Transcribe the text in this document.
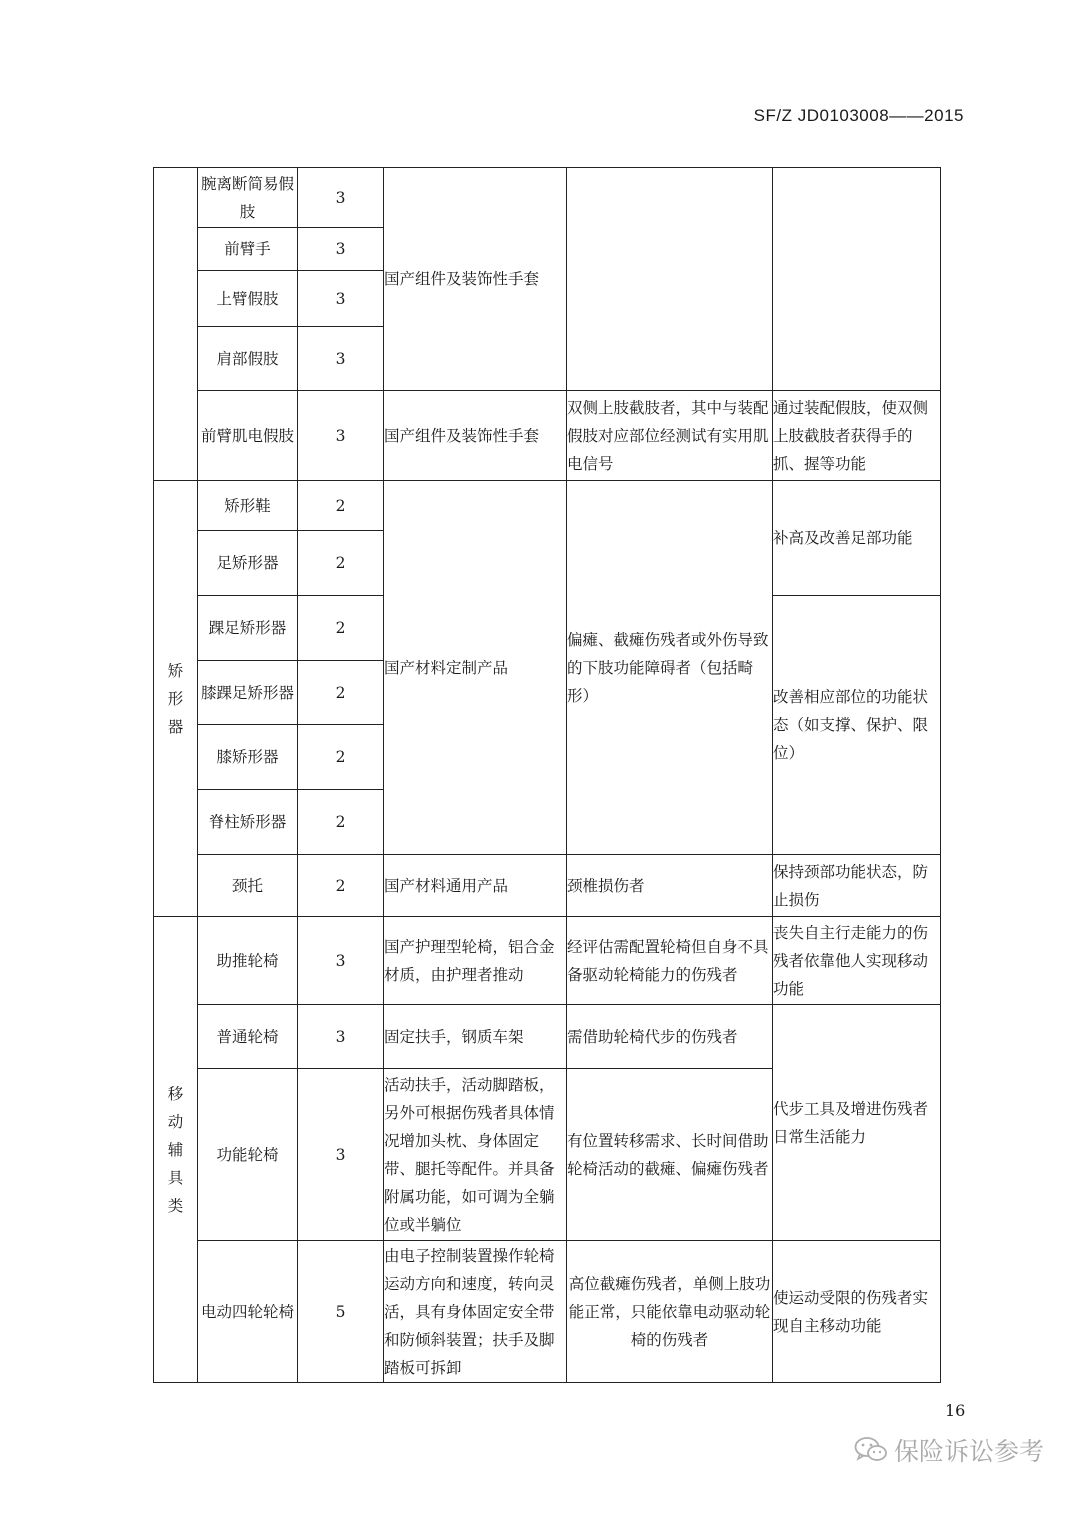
SF/Z JD0103008——2015
	腕离断简易假肢	3	国产组件及装饰性手套		
	前臂手	3			
	上臂假肢	3			
	肩部假肢	3			
	前臂肌电假肢	3	国产组件及装饰性手套	双侧上肢截肢者，其中与装配假肢对应部位经测试有实用肌电信号	通过装配假肢，使双侧上肢截肢者获得手的抓、握等功能
矫形器	矫形鞋	2	国产材料定制产品	偏瘫、截瘫伤残者或外伤导致的下肢功能障碍者（包括畸形）	补高及改善足部功能
	足矫形器	2			
	踝足矫形器	2			改善相应部位的功能状态（如支撑、保护、限位）
	膝踝足矫形器	2			
	膝矫形器	2			
	脊柱矫形器	2			
	颈托	2	国产材料通用产品	颈椎损伤者	保持颈部功能状态，防止损伤
移动辅具类	助推轮椅	3	国产护理型轮椅，铝合金材质，由护理者推动	经评估需配置轮椅但自身不具备驱动轮椅能力的伤残者	丧失自主行走能力的伤残者依靠他人实现移动功能
	普通轮椅	3	固定扶手，钢质车架	需借助轮椅代步的伤残者	代步工具及增进伤残者日常生活能力
	功能轮椅	3	活动扶手，活动脚踏板，另外可根据伤残者具体情况增加头枕、身体固定带、腿托等配件。并具备附属功能，如可调为全躺位或半躺位	有位置转移需求、长时间借助轮椅活动的截瘫、偏瘫伤残者	
	电动四轮轮椅	5	由电子控制装置操作轮椅运动方向和速度，转向灵活，具有身体固定安全带和防倾斜装置；扶手及脚踏板可拆卸	高位截瘫伤残者，单侧上肢功能正常，只能依靠电动驱动轮椅的伤残者	使运动受限的伤残者实现自主移动功能
16
保险诉讼参考
